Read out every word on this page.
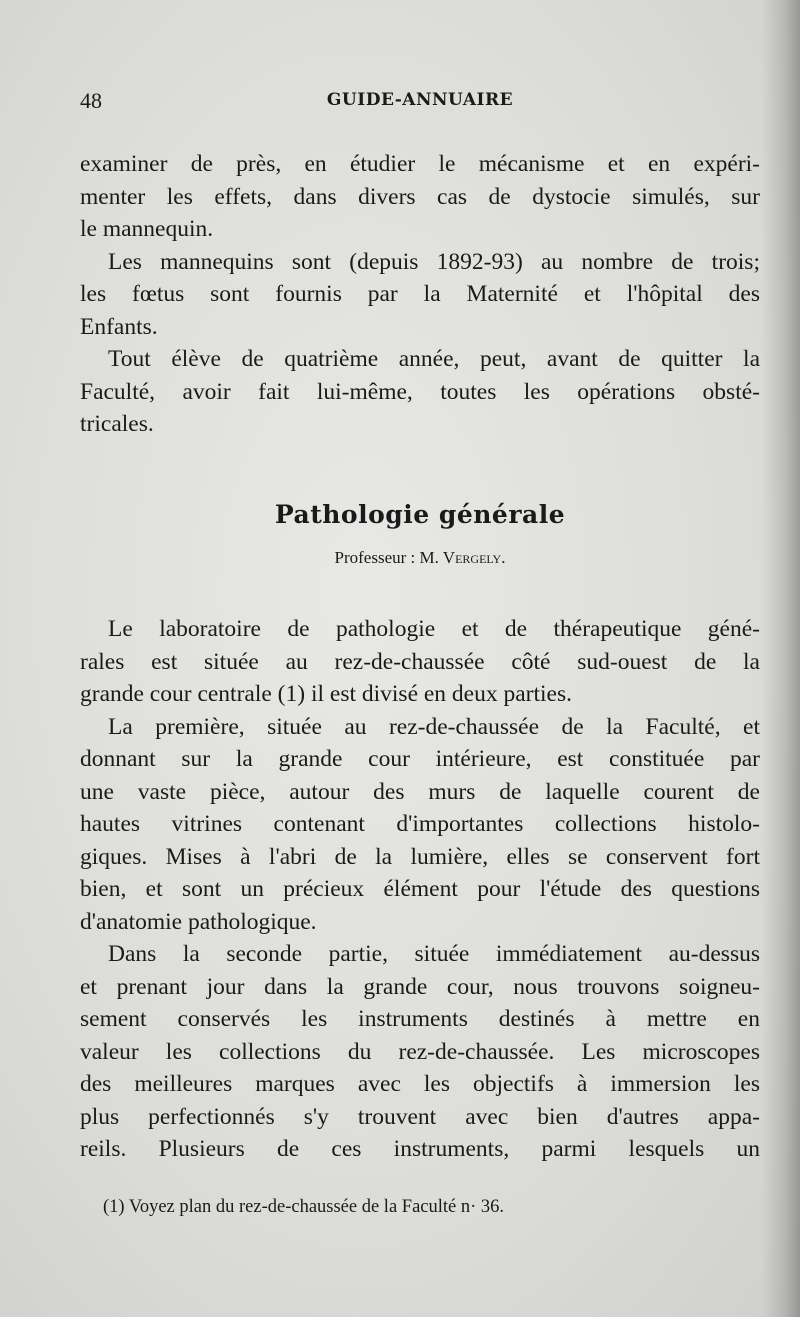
48	GUIDE-ANNUAIRE
examiner de près, en étudier le mécanisme et en expéri-
menter les effets, dans divers cas de dystocie simulés, sur
le mannequin.
Les mannequins sont (depuis 1892-93) au nombre de trois;
les fœtus sont fournis par la Maternité et l'hôpital des
Enfants.
Tout élève de quatrième année, peut, avant de quitter la
Faculté, avoir fait lui-même, toutes les opérations obsté-
tricales.
Pathologie générale
Professeur : M. Vergely.
Le laboratoire de pathologie et de thérapeutique géné-
rales est située au rez-de-chaussée côté sud-ouest de la
grande cour centrale (1) il est divisé en deux parties.
La première, située au rez-de-chaussée de la Faculté, et
donnant sur la grande cour intérieure, est constituée par
une vaste pièce, autour des murs de laquelle courent de
hautes vitrines contenant d'importantes collections histolo-
giques. Mises à l'abri de la lumière, elles se conservent fort
bien, et sont un précieux élément pour l'étude des questions
d'anatomie pathologique.
Dans la seconde partie, située immédiatement au-dessus
et prenant jour dans la grande cour, nous trouvons soigneu-
sement conservés les instruments destinés à mettre en
valeur les collections du rez-de-chaussée. Les microscopes
des meilleures marques avec les objectifs à immersion les
plus perfectionnés s'y trouvent avec bien d'autres appa-
reils. Plusieurs de ces instruments, parmi lesquels un
(1) Voyez plan du rez-de-chaussée de la Faculté n· 36.
